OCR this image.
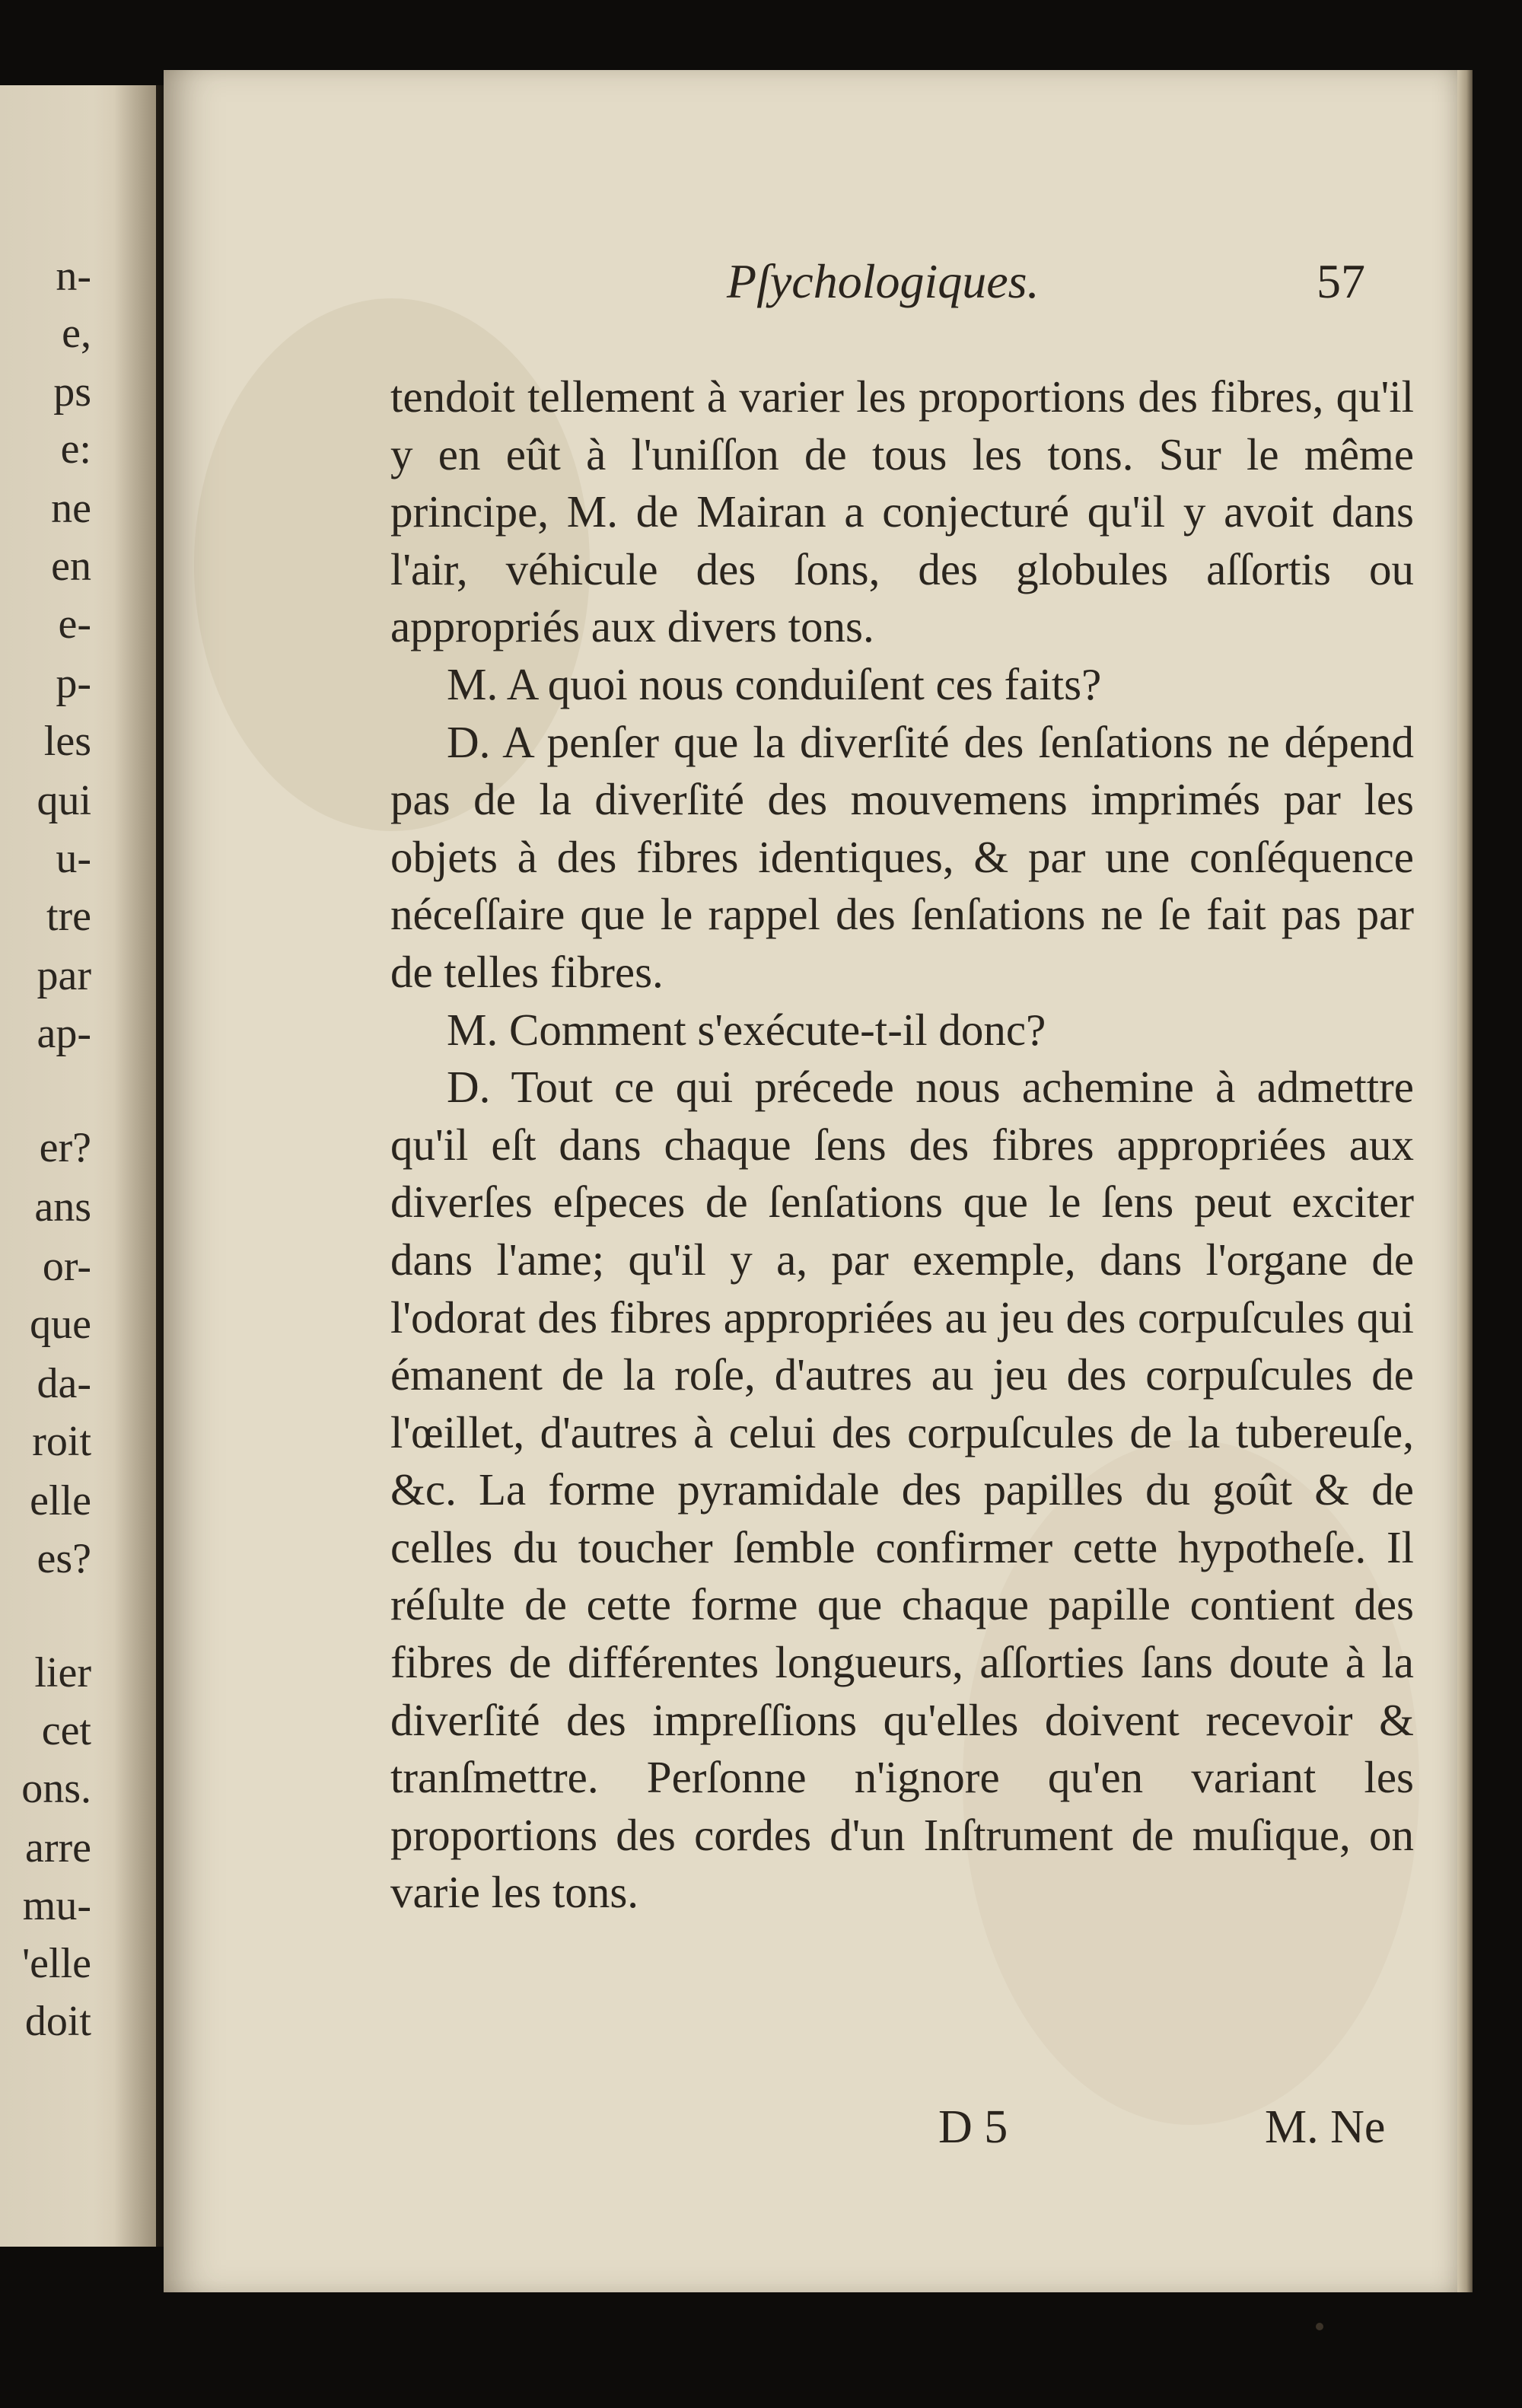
n-
e,
ps
e:
ne
en
e-
p-
les
qui
u-
tre
par
ap-
er?
ans
or-
que
da-
roit
elle
es?
lier
cet
ons.
arre
mu-
'elle
doit
Pſychologiques.	57

tendoit tellement à varier les proportions des fibres, qu'il y en eût à l'uniſſon de tous les tons. Sur le même principe, M. de Mairan a conjecturé qu'il y avoit dans l'air, véhicule des ſons, des globules aſſortis ou appropriés aux divers tons.

M. A quoi nous conduiſent ces faits?

D. A penſer que la diverſité des ſenſations ne dépend pas de la diverſité des mouvemens imprimés par les objets à des fibres identiques, & par une conſéquence néceſſaire que le rappel des ſenſations ne ſe fait pas par de telles fibres.

M. Comment s'exécute-t-il donc?

D. Tout ce qui précede nous achemine à admettre qu'il eſt dans chaque ſens des fibres appropriées aux diverſes eſpeces de ſenſations que le ſens peut exciter dans l'ame; qu'il y a, par exemple, dans l'organe de l'odorat des fibres appropriées au jeu des corpuſcules qui émanent de la roſe, d'autres au jeu des corpuſcules de l'œillet, d'autres à celui des corpuſcules de la tubereuſe, &c. La forme pyramidale des papilles du goût & de celles du toucher ſemble confirmer cette hypotheſe. Il réſulte de cette forme que chaque papille contient des fibres de différentes longueurs, aſſorties ſans doute à la diverſité des impreſſions qu'elles doivent recevoir & tranſmettre. Perſonne n'ignore qu'en variant les proportions des cordes d'un Inſtrument de muſique, on varie les tons.

D 5	M. Ne
